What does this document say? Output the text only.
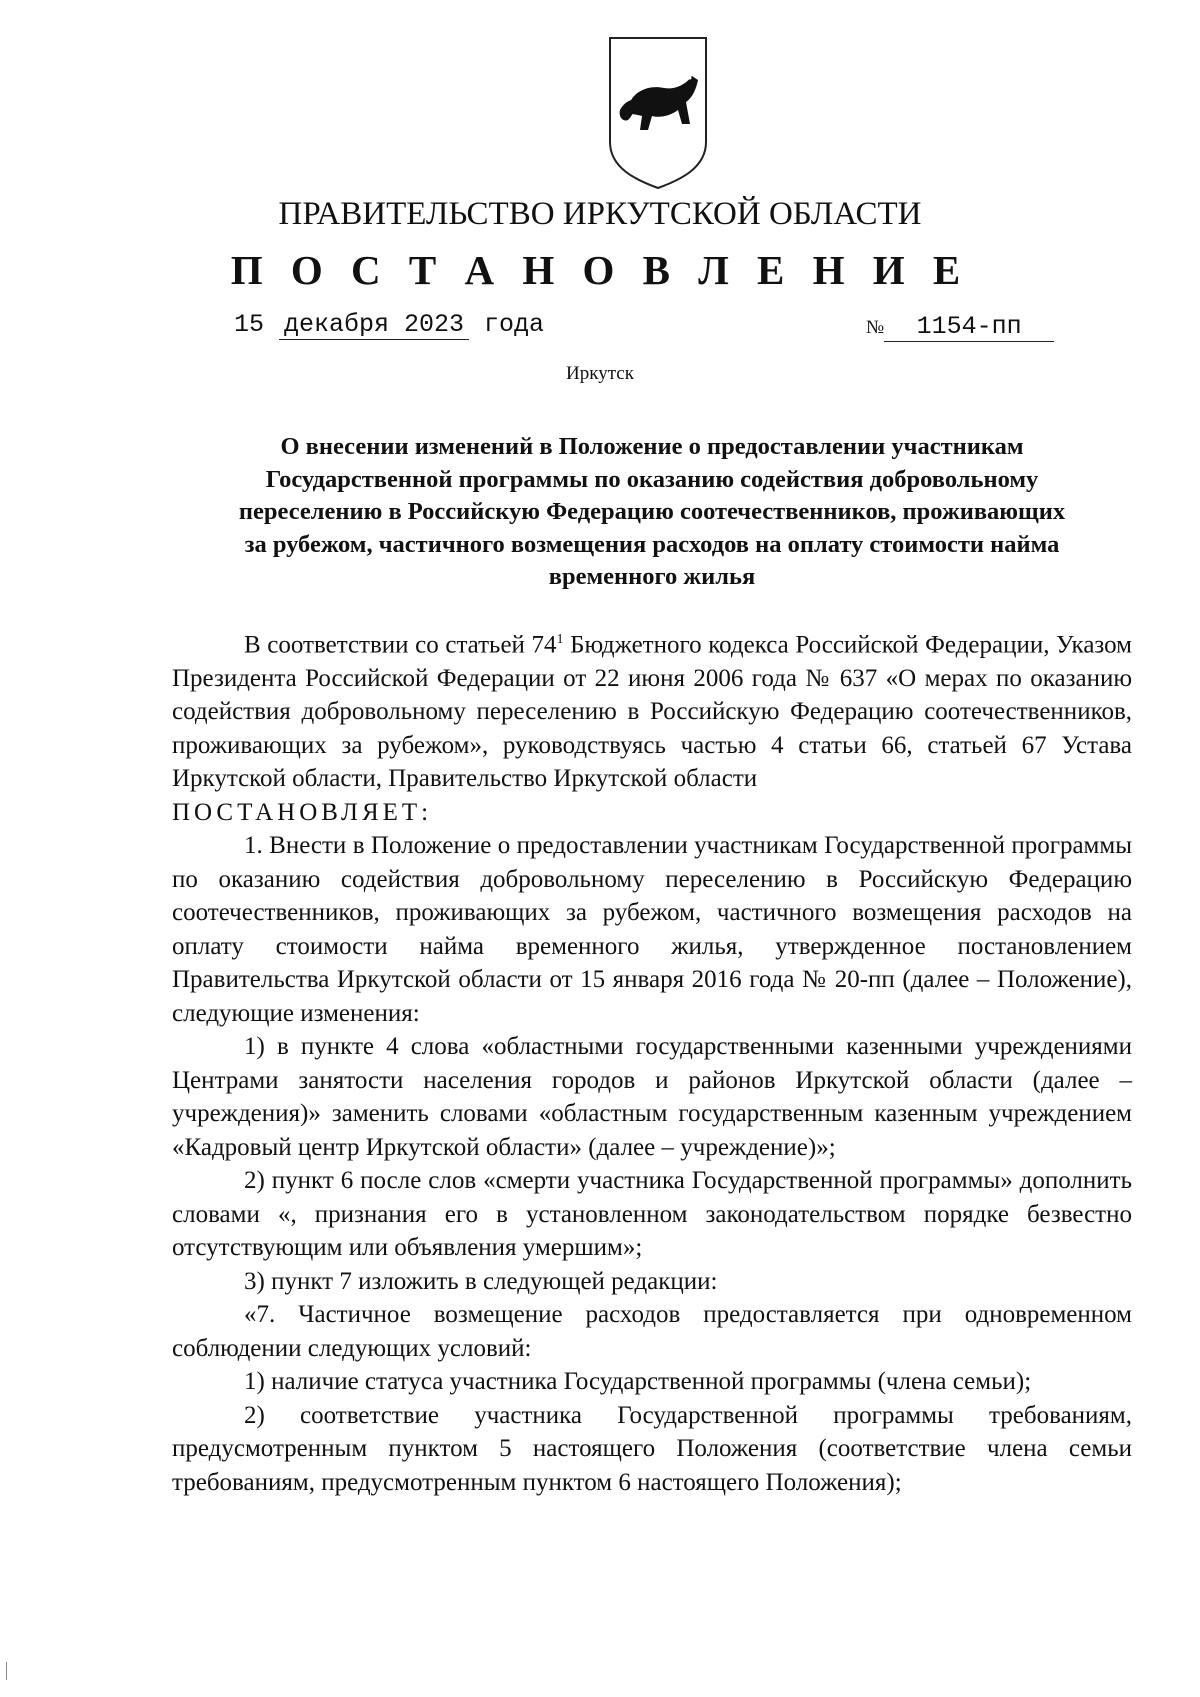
ПРАВИТЕЛЬСТВО ИРКУТСКОЙ ОБЛАСТИ
П О С Т А Н О В Л Е Н И Е
15 декабря 2023 года	№ 1154-пп
Иркутск
О внесении изменений в Положение о предоставлении участникам
Государственной программы по оказанию содействия добровольному
переселению в Российскую Федерацию соотечественников, проживающих
за рубежом, частичного возмещения расходов на оплату стоимости найма
временного жилья

В соответствии со статьей $74^1$ Бюджетного кодекса Российской Федерации, Указом Президента Российской Федерации от 22 июня 2006 года № 637 «О мерах по оказанию содействия добровольному переселению в Российскую Федерацию соотечественников, проживающих за рубежом», руководствуясь частью 4 статьи 66, статьей 67 Устава Иркутской области, Правительство Иркутской области

ПОСТАНОВЛЯЕТ:

1. Внести в Положение о предоставлении участникам Государственной программы по оказанию содействия добровольному переселению в Российскую Федерацию соотечественников, проживающих за рубежом, частичного возмещения расходов на оплату стоимости найма временного жилья, утвержденное постановлением Правительства Иркутской области от 15 января 2016 года № 20-пп (далее – Положение), следующие изменения:

1) в пункте 4 слова «областными государственными казенными учреждениями Центрами занятости населения городов и районов Иркутской области (далее – учреждения)» заменить словами «областным государственным казенным учреждением «Кадровый центр Иркутской области» (далее – учреждение)»;

2) пункт 6 после слов «смерти участника Государственной программы» дополнить словами «, признания его в установленном законодательством порядке безвестно отсутствующим или объявления умершим»;

3) пункт 7 изложить в следующей редакции:

«7. Частичное возмещение расходов предоставляется при одновременном соблюдении следующих условий:

1) наличие статуса участника Государственной программы (члена семьи);

2) соответствие участника Государственной программы требованиям, предусмотренным пунктом 5 настоящего Положения (соответствие члена семьи требованиям, предусмотренным пунктом 6 настоящего Положения);
